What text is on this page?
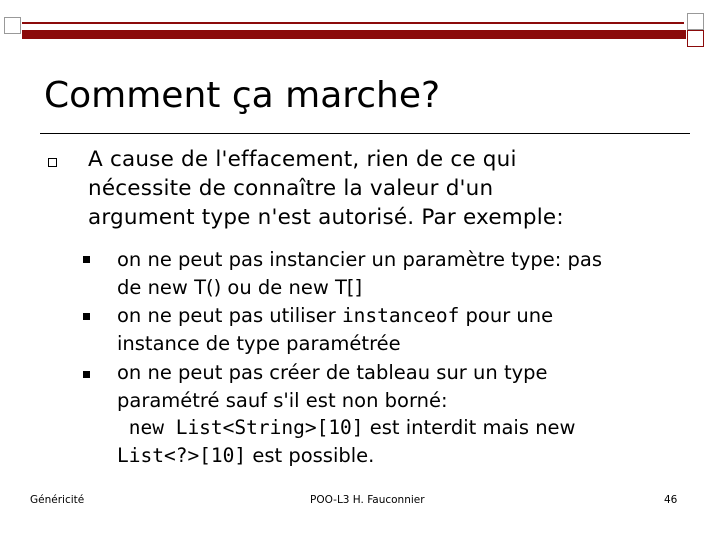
Comment ça marche?
A cause de l'effacement, rien de ce qui
nécessite de connaître la valeur d'un
argument type n'est autorisé. Par exemple:
on ne peut pas instancier un paramètre type: pas
de new T() ou de new T[]
on ne peut pas utiliser instanceof pour une
instance de type paramétrée
on ne peut pas créer de tableau sur un type
paramétré sauf s'il est non borné:
new List<String>[10] est interdit mais new
List<?>[10] est possible.
Généricité	POO-L3 H. Fauconnier	46
